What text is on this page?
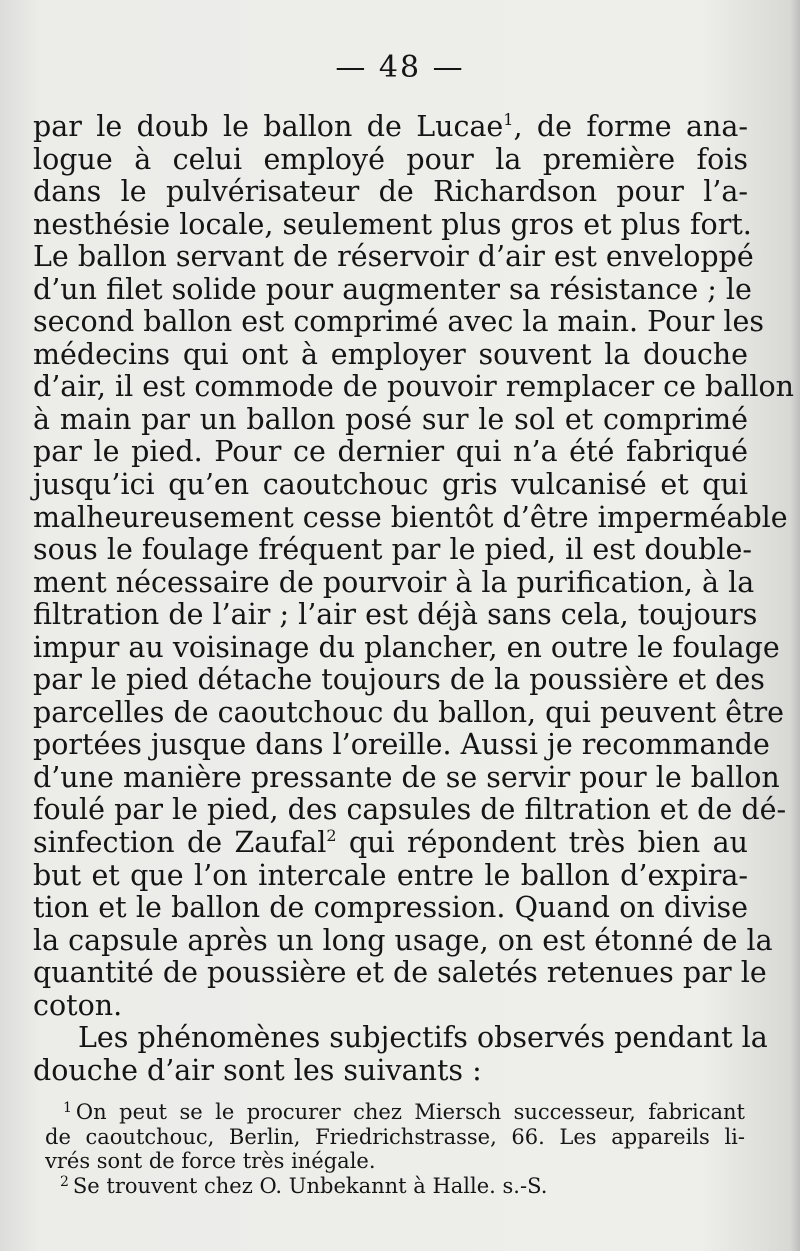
— 48 —
par le doub le ballon de Lucae$^1$, de forme ana-
logue à celui employé pour la première fois
dans le pulvérisateur de Richardson pour l’a-
nesthésie locale, seulement plus gros et plus fort.
Le ballon servant de réservoir d’air est enveloppé
d’un filet solide pour augmenter sa résistance ; le
second ballon est comprimé avec la main. Pour les
médecins qui ont à employer souvent la douche
d’air, il est commode de pouvoir remplacer ce ballon
à main par un ballon posé sur le sol et comprimé
par le pied. Pour ce dernier qui n’a été fabriqué
jusqu’ici qu’en caoutchouc gris vulcanisé et qui
malheureusement cesse bientôt d’être imperméable
sous le foulage fréquent par le pied, il est double-
ment nécessaire de pourvoir à la purification, à la
filtration de l’air ; l’air est déjà sans cela, toujours
impur au voisinage du plancher, en outre le foulage
par le pied détache toujours de la poussière et des
parcelles de caoutchouc du ballon, qui peuvent être
portées jusque dans l’oreille. Aussi je recommande
d’une manière pressante de se servir pour le ballon
foulé par le pied, des capsules de filtration et de dé-
sinfection de Zaufal$^2$ qui répondent très bien au
but et que l’on intercale entre le ballon d’expira-
tion et le ballon de compression. Quand on divise
la capsule après un long usage, on est étonné de la
quantité de poussière et de saletés retenues par le
coton.
Les phénomènes subjectifs observés pendant la
douche d’air sont les suivants :
$^1$ On peut se le procurer chez Miersch successeur, fabricant
de caoutchouc, Berlin, Friedrichstrasse, 66. Les appareils li-
vrés sont de force très inégale.
$^2$ Se trouvent chez O. Unbekannt à Halle. s.-S.
